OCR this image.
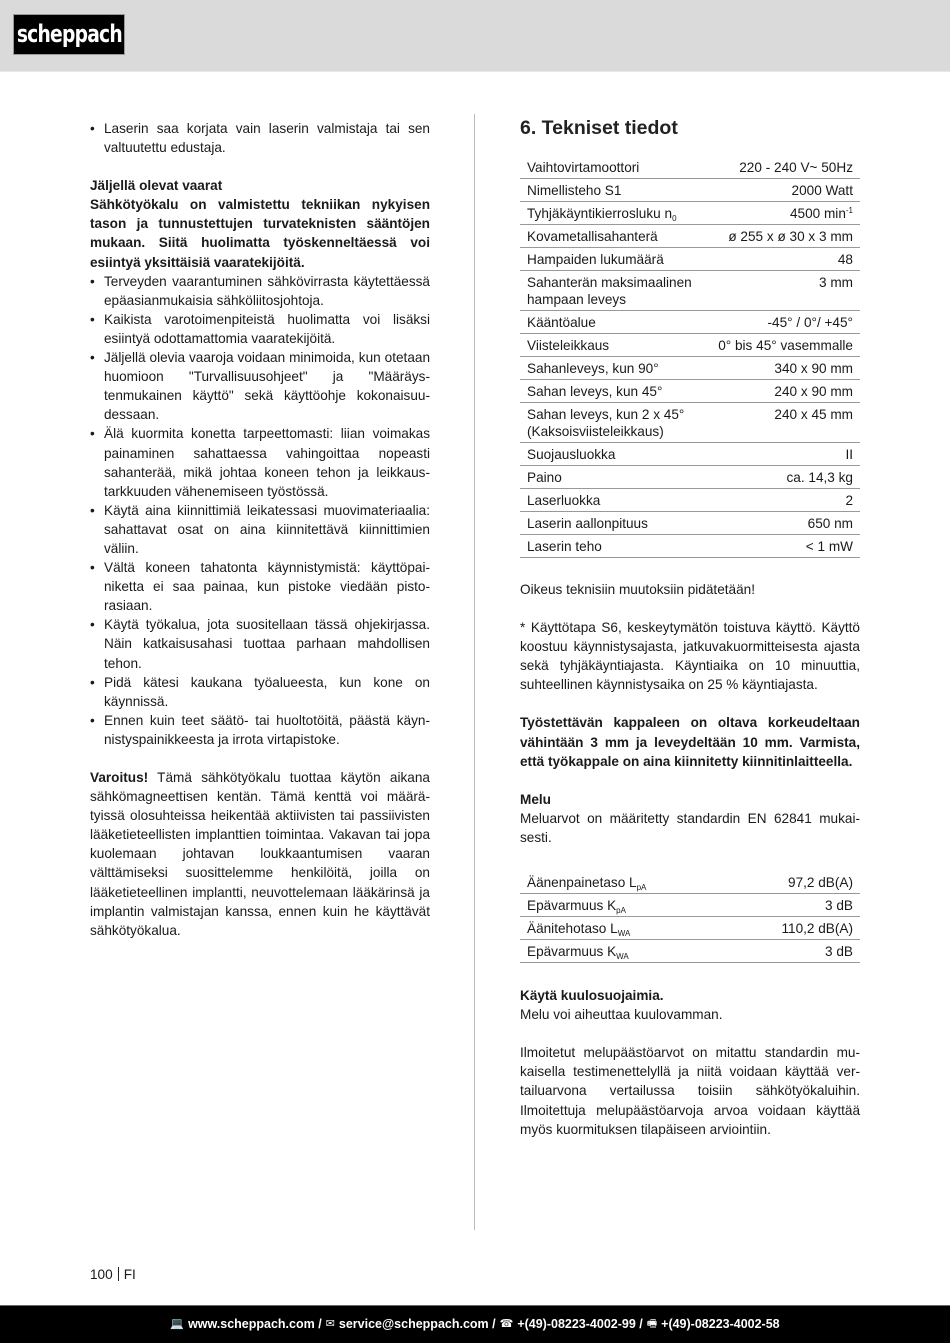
scheppach
• Laserin saa korjata vain laserin valmistaja tai sen valtuutettu edustaja.

Jäljellä olevat vaarat

Sähkötyökalu on valmistettu tekniikan nykyisen tason ja tunnustettujen turvateknisten sääntöjen mukaan. Siitä huolimatta työskenneltäessä voi esiintyä yksittäisiä vaaratekijöitä.

• Terveyden vaarantuminen sähkövirrasta käytettäessä epäasianmukaisia sähköliitosjohtoja.
• Kaikista varotoimenpiteistä huolimatta voi lisäksi esiintyä odottamattomia vaaratekijöitä.
• Jäljellä olevia vaaroja voidaan minimoida, kun otetaan huomioon "Turvallisuusohjeet" ja "Määräystenmukainen käyttö" sekä käyttöohje kokonaisuudessaan.
• Älä kuormita konetta tarpeettomasti: liian voimakas painaminen sahattaessa vahingoittaa nopeasti sahanterää, mikä johtaa koneen tehon ja leikkaustarkkuuden vähenemiseen työstössä.
• Käytä aina kiinnittimiä leikatessasi muovimateriaalia: sahattavat osat on aina kiinnitettävä kiinnittimien väliin.
• Vältä koneen tahatonta käynnistymistä: käyttöpainiketta ei saa painaa, kun pistoke viedään pistorasiaan.
• Käytä työkalua, jota suositellaan tässä ohjekirjassa. Näin katkaisusahasi tuottaa parhaan mahdollisen tehon.
• Pidä kätesi kaukana työalueesta, kun kone on käynnissä.
• Ennen kuin teet säätö- tai huoltotöitä, päästä käynnistyspainikkeesta ja irrota virtapistoke.

Varoitus! Tämä sähkötyökalu tuottaa käytön aikana sähkömagneettisen kentän. Tämä kenttä voi määrätyissä olosuhteissa heikentää aktiivisten tai passiivisten lääketieteellisten implanttien toimintaa. Vakavan tai jopa kuolemaan johtavan loukkaantumisen vaaran välttämiseksi suosittelemme henkilöitä, joilla on lääketieteellinen implantti, neuvottelemaan lääkärinsä ja implantin valmistajan kanssa, ennen kuin he käyttävät sähkötyökalua.

6. Tekniset tiedot
Vaihtovirtamoottori	220 - 240 V~ 50Hz
Nimellisteho S1	2000 Watt
Tyhjäkäyntikierrosluku $n_0$	4500 $\min^{-1}$
Kovametallisahanterä	ø 255 x ø 30 x 3 mm
Hampaiden lukumäärä	48
Sahanterän maksimaalinen hampaan leveys	3 mm
Kääntöalue	-45° / 0°/ +45°
Viisteleikkaus	0° bis 45° vasemmalle
Sahanleveys, kun 90°	340 x 90 mm
Sahan leveys, kun 45°	240 x 90 mm
Sahan leveys, kun 2 x 45° (Kaksoisviisteleikkaus)	240 x 45 mm
Suojausluokka	II
Paino	ca. 14,3 kg
Laserluokka	2
Laserin aallonpituus	650 nm
Laserin teho	< 1 mW

Oikeus teknisiin muutoksiin pidätetään!

* Käyttötapa S6, keskeytymätön toistuva käyttö. Käyttö koostuu käynnistysajasta, jatkuvakuormitteisesta ajasta sekä tyhjäkäyntiajasta. Käyntiaika on 10 minuuttia, suhteellinen käynnistysaika on 25 % käyntiajasta.

Työstettävän kappaleen on oltava korkeudeltaan vähintään 3 mm ja leveydeltään 10 mm. Varmista, että työkappale on aina kiinnitetty kiinnitinlaitteella.

Melu

Meluarvot on määritetty standardin EN 62841 mukaisesti.

Äänenpainetaso $L_{pA}$	97,2 dB(A)
Epävarmuus $K_{pA}$	3 dB
Äänitehotaso $L_{WA}$	110,2 dB(A)
Epävarmuus $K_{WA}$	3 dB

Käytä kuulosuojaimia.

Melu voi aiheuttaa kuulovamman.

Ilmoitetut melupäästöarvot on mitattu standardin mukaisella testimenettelyllä ja niitä voidaan käyttää vertailuarvona vertailussa toisiin sähkötyökaluihin. Ilmoitettuja melupäästöarvoja arvoa voidaan käyttää myös kuormituksen tilapäiseen arviointiin.

100 FI
💻 www.scheppach.com / ✉ service@scheppach.com / ☎ +(49)-08223-4002-99 / 🖷 +(49)-08223-4002-58
